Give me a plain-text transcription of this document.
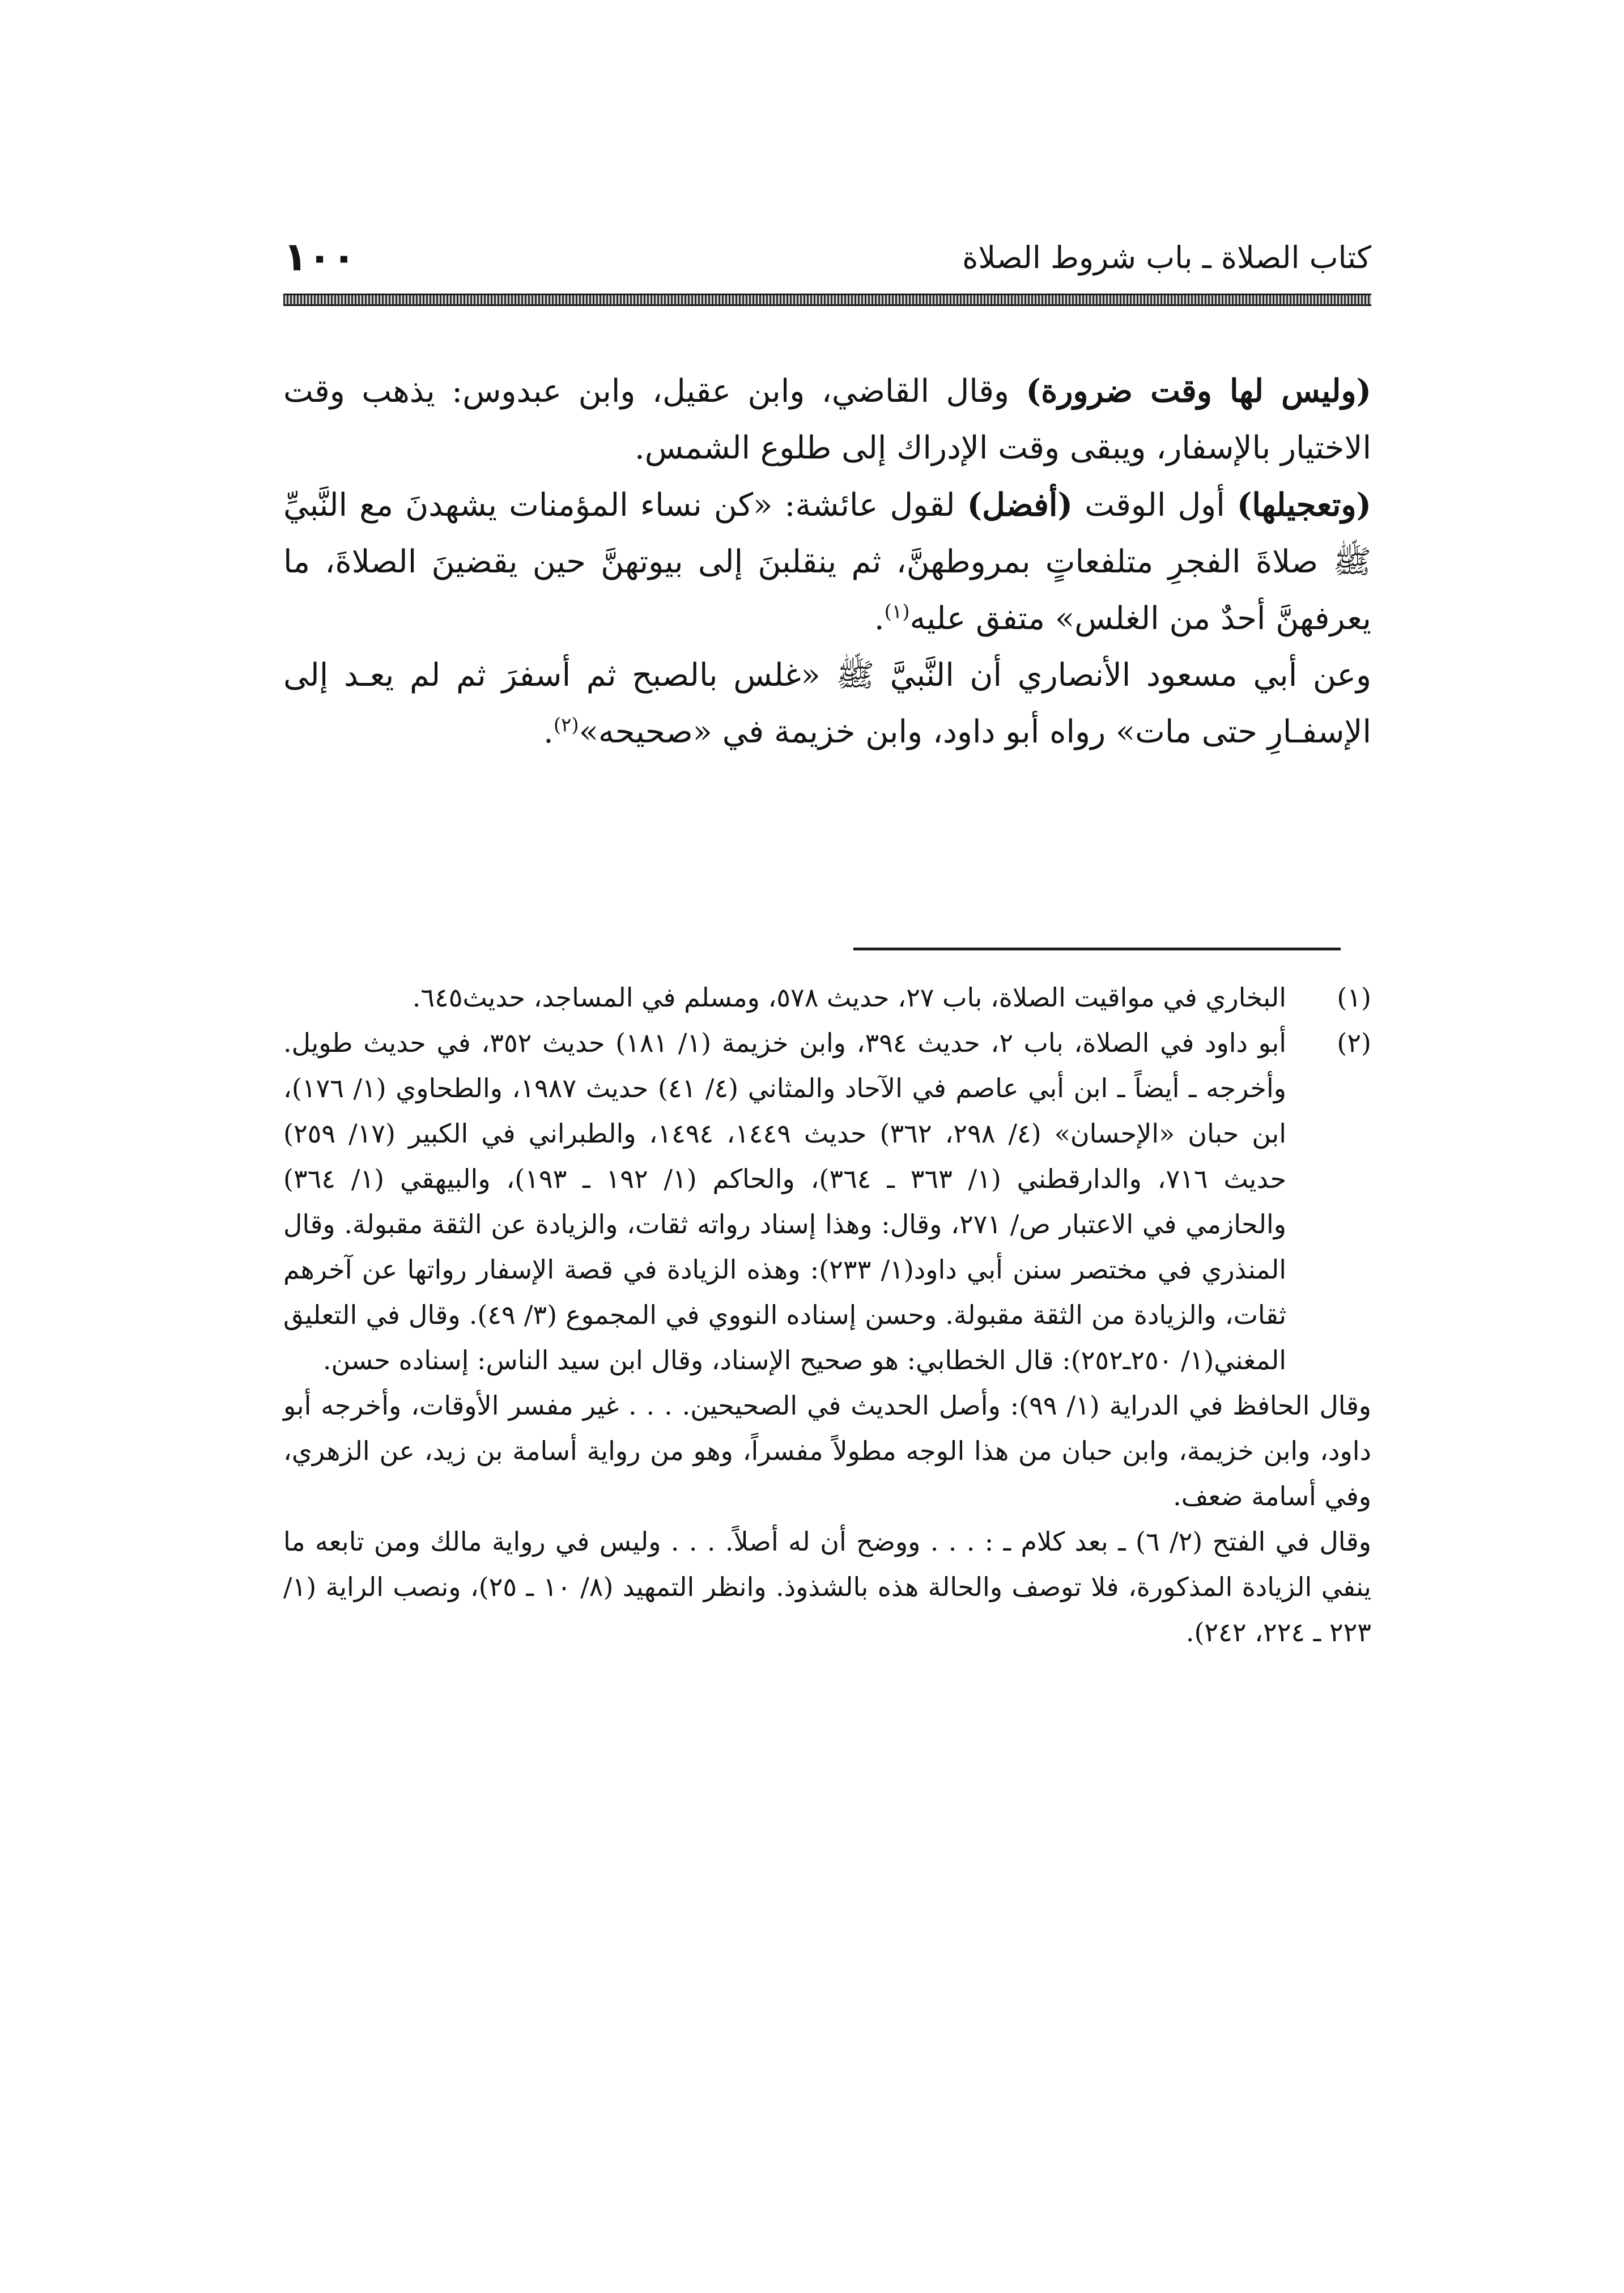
كتاب الصلاة ـ باب شروط الصلاة
١٠٠

(وليس لها وقت ضرورة) وقال القاضي، وابن عقيل، وابن عبدوس: يذهب وقت الاختيار بالإسفار، ويبقى وقت الإدراك إلى طلوع الشمس.

(وتعجيلها) أول الوقت (أفضل) لقول عائشة: «كن نساء المؤمنات يشهدنَ مع النَّبيِّ ﷺ صلاةَ الفجرِ متلفعاتٍ بمروطهنَّ، ثم ينقلبنَ إلى بيوتهنَّ حين يقضينَ الصلاةَ، ما يعرفهنَّ أحدٌ من الغلس» متفق عليه$^{(١)}$.

وعن أبي مسعود الأنصاري أن النَّبيَّ ﷺ «غلس بالصبح ثم أسفرَ ثم لم يعـد إلى الإسفـارِ حتى مات» رواه أبو داود، وابن خزيمة في «صحيحه»$^{(٢)}$.

(١)

البخاري في مواقيت الصلاة، باب ٢٧، حديث ٥٧٨، ومسلم في المساجد، حديث٦٤٥.

(٢)

أبو داود في الصلاة، باب ٢، حديث ٣٩٤، وابن خزيمة (١/ ١٨١) حديث ٣٥٢، في حديث طويل. وأخرجه ـ أيضاً ـ ابن أبي عاصم في الآحاد والمثاني (٤/ ٤١) حديث ١٩٨٧، والطحاوي (١/ ١٧٦)، ابن حبان «الإحسان» (٤/ ٢٩٨، ٣٦٢) حديث ١٤٤٩، ١٤٩٤، والطبراني في الكبير (١٧/ ٢٥٩) حديث ٧١٦، والدارقطني (١/ ٣٦٣ ـ ٣٦٤)، والحاكم (١/ ١٩٢ ـ ١٩٣)، والبيهقي (١/ ٣٦٤) والحازمي في الاعتبار ص/ ٢٧١، وقال: وهذا إسناد رواته ثقات، والزيادة عن الثقة مقبولة. وقال المنذري في مختصر سنن أبي داود(١/ ٢٣٣): وهذه الزيادة في قصة الإسفار رواتها عن آخرهم ثقات، والزيادة من الثقة مقبولة. وحسن إسناده النووي في المجموع (٣/ ٤٩). وقال في التعليق المغني(١/ ٢٥٠ـ٢٥٢): قال الخطابي: هو صحيح الإسناد، وقال ابن سيد الناس: إسناده حسن.

وقال الحافظ في الدراية (١/ ٩٩): وأصل الحديث في الصحيحين. . . . غير مفسر الأوقات، وأخرجه أبو داود، وابن خزيمة، وابن حبان من هذا الوجه مطولاً مفسراً، وهو من رواية أسامة بن زيد، عن الزهري، وفي أسامة ضعف.

وقال في الفتح (٢/ ٦) ـ بعد كلام ـ : . . . ووضح أن له أصلاً. . . . وليس في رواية مالك ومن تابعه ما ينفي الزيادة المذكورة، فلا توصف والحالة هذه بالشذوذ. وانظر التمهيد (٨/ ١٠ ـ ٢٥)، ونصب الراية (١/ ٢٢٣ ـ ٢٢٤، ٢٤٢).
